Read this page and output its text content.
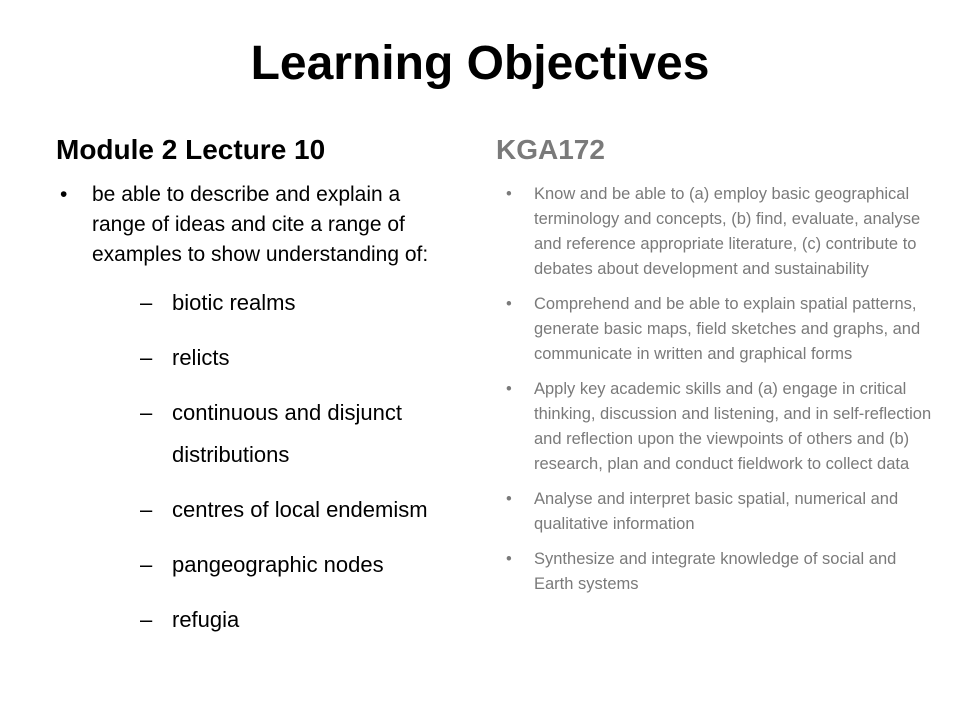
Learning Objectives
Module 2 Lecture 10
• be able to describe and explain a range of ideas and cite a range of examples to show understanding of:
– biotic realms
– relicts
– continuous and disjunct distributions
– centres of local endemism
– pangeographic nodes
– refugia
KGA172
• Know and be able to (a) employ basic geographical terminology and concepts, (b) find, evaluate, analyse and reference appropriate literature, (c) contribute to debates about development and sustainability
• Comprehend and be able to explain spatial patterns, generate basic maps, field sketches and graphs, and communicate in written and graphical forms
• Apply key academic skills and (a) engage in critical thinking, discussion and listening, and in self-reflection and reflection upon the viewpoints of others and (b) research, plan and conduct fieldwork to collect data
• Analyse and interpret basic spatial, numerical and qualitative information
• Synthesize and integrate knowledge of social and Earth systems
